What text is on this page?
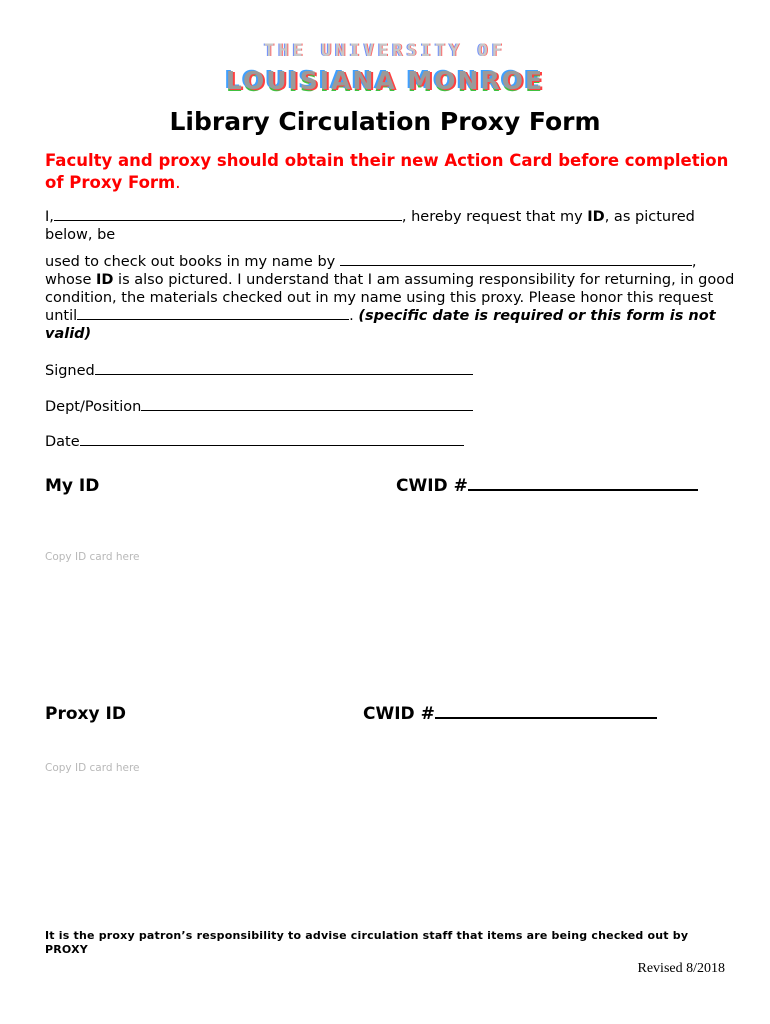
THE UNIVERSITY OF
LOUISIANA MONROE
Library Circulation Proxy Form
Faculty and proxy should obtain their new Action Card before completion of Proxy Form.
I,	, hereby request that my ID, as pictured below, be
used to check out books in my name by	, whose ID is also pictured. I understand that I am assuming responsibility for returning, in good condition, the materials checked out in my name using this proxy. Please honor this request until	. (specific date is required or this form is not valid)
Signed
Dept/Position
Date
My ID	CWID #
Copy ID card here
Proxy ID	CWID #
Copy ID card here
It is the proxy patron’s responsibility to advise circulation staff that items are being checked out by PROXY
Revised 8/2018
